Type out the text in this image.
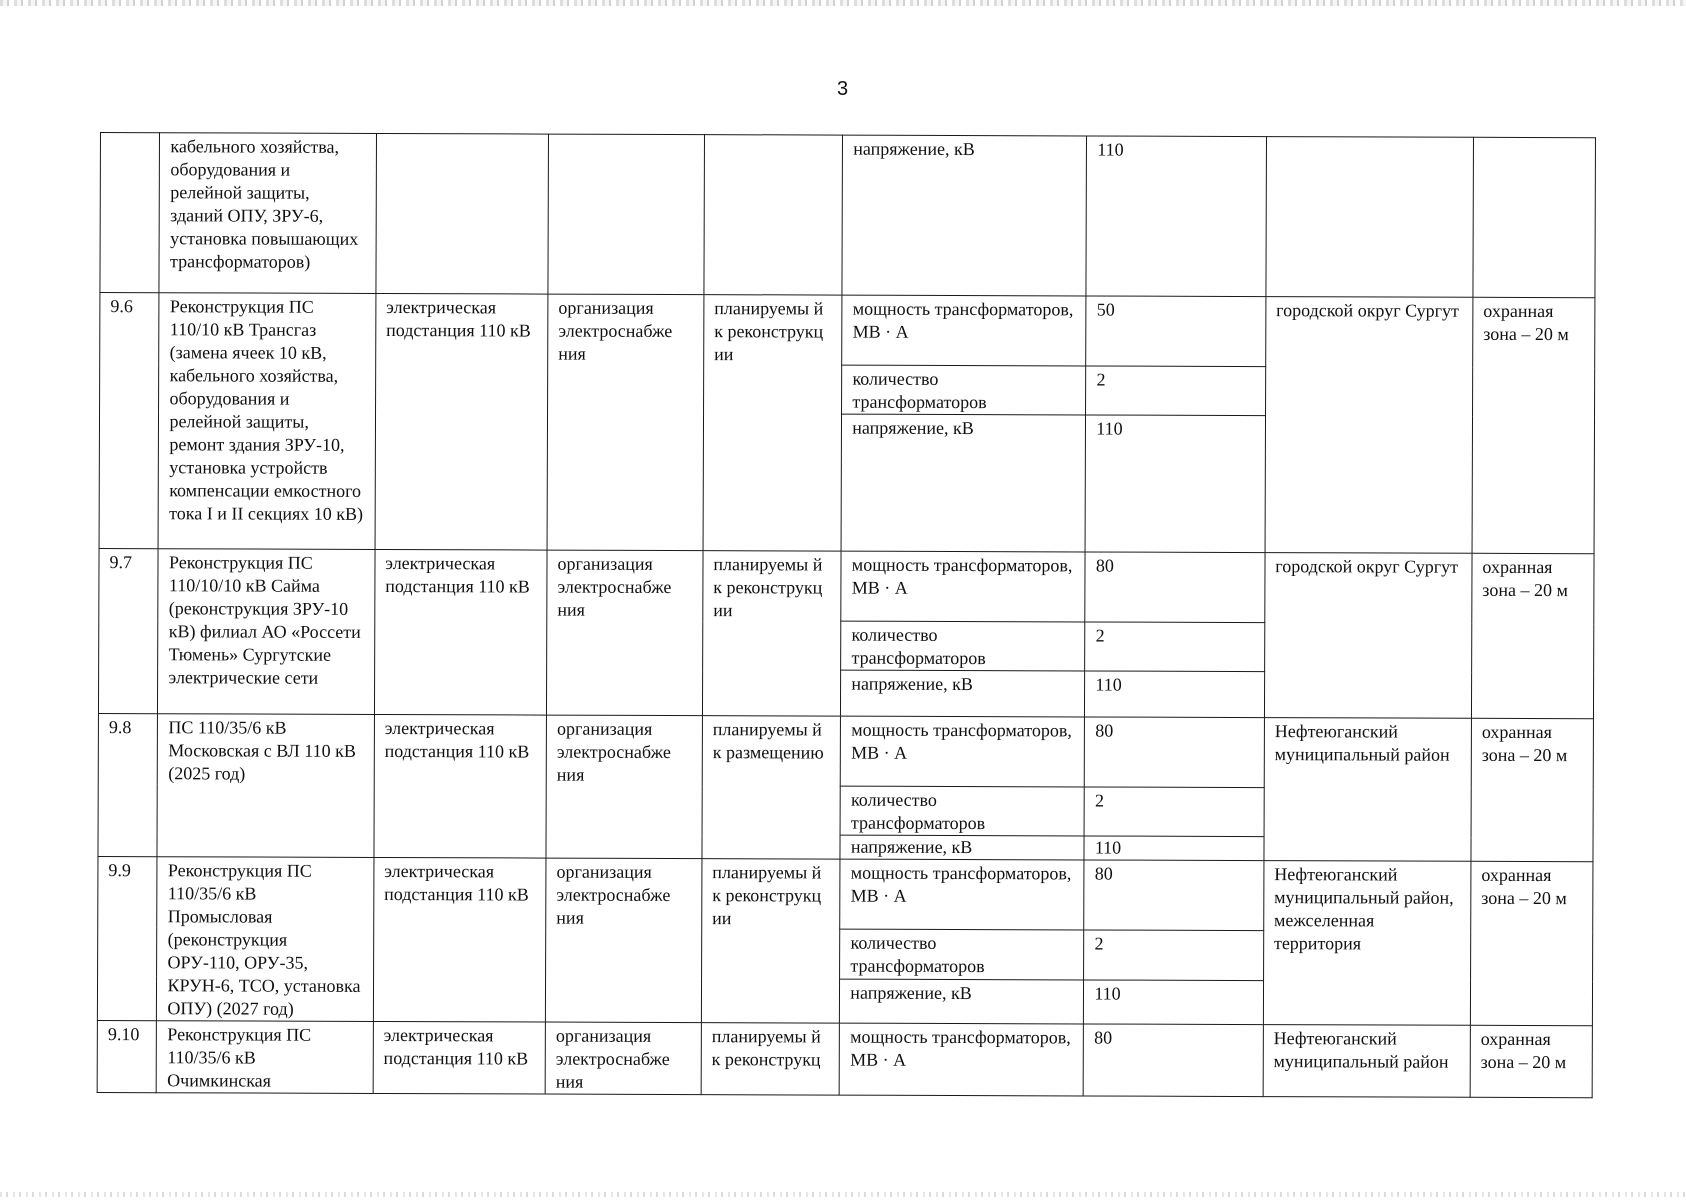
3
	кабельного хозяйства, оборудования и релейной защиты, зданий ОПУ, ЗРУ-6, установка повышающих трансформаторов)				напряжение, кВ	110		
9.6	Реконструкция ПС 110/10 кВ Трансгаз (замена ячеек 10 кВ, кабельного хозяйства, оборудования и релейной защиты, ремонт здания ЗРУ-10, установка устройств компенсации емкостного тока I и II секциях 10 кВ)	электрическая подстанция 110 кВ	организация электроснабже ния	планируемы й к реконструкц ии	мощность трансформаторов, МВ · А	50	городской округ Сургут	охранная зона – 20 м
					количество трансформаторов	2		
					напряжение, кВ	110		
9.7	Реконструкция ПС 110/10/10 кВ Сайма (реконструкция ЗРУ-10 кВ) филиал АО «Россети Тюмень» Сургутские электрические сети	электрическая подстанция 110 кВ	организация электроснабже ния	планируемы й к реконструкц ии	мощность трансформаторов, МВ · А	80	городской округ Сургут	охранная зона – 20 м
					количество трансформаторов	2		
					напряжение, кВ	110		
9.8	ПС 110/35/6 кВ Московская с ВЛ 110 кВ (2025 год)	электрическая подстанция 110 кВ	организация электроснабже ния	планируемы й к размещению	мощность трансформаторов, МВ · А	80	Нефтеюганский муниципальный район	охранная зона – 20 м
					количество трансформаторов	2		
					напряжение, кВ	110		
9.9	Реконструкция ПС 110/35/6 кВ Промысловая (реконструкция ОРУ-110, ОРУ-35, КРУН-6, ТСО, установка ОПУ) (2027 год)	электрическая подстанция 110 кВ	организация электроснабже ния	планируемы й к реконструкц ии	мощность трансформаторов, МВ · А	80	Нефтеюганский муниципальный район, межселенная территория	охранная зона – 20 м
					количество трансформаторов	2		
					напряжение, кВ	110		
9.10	Реконструкция ПС 110/35/6 кВ Очимкинская	электрическая подстанция 110 кВ	организация электроснабже ния	планируемы й к реконструкц	мощность трансформаторов, МВ · А	80	Нефтеюганский муниципальный район	охранная зона – 20 м
